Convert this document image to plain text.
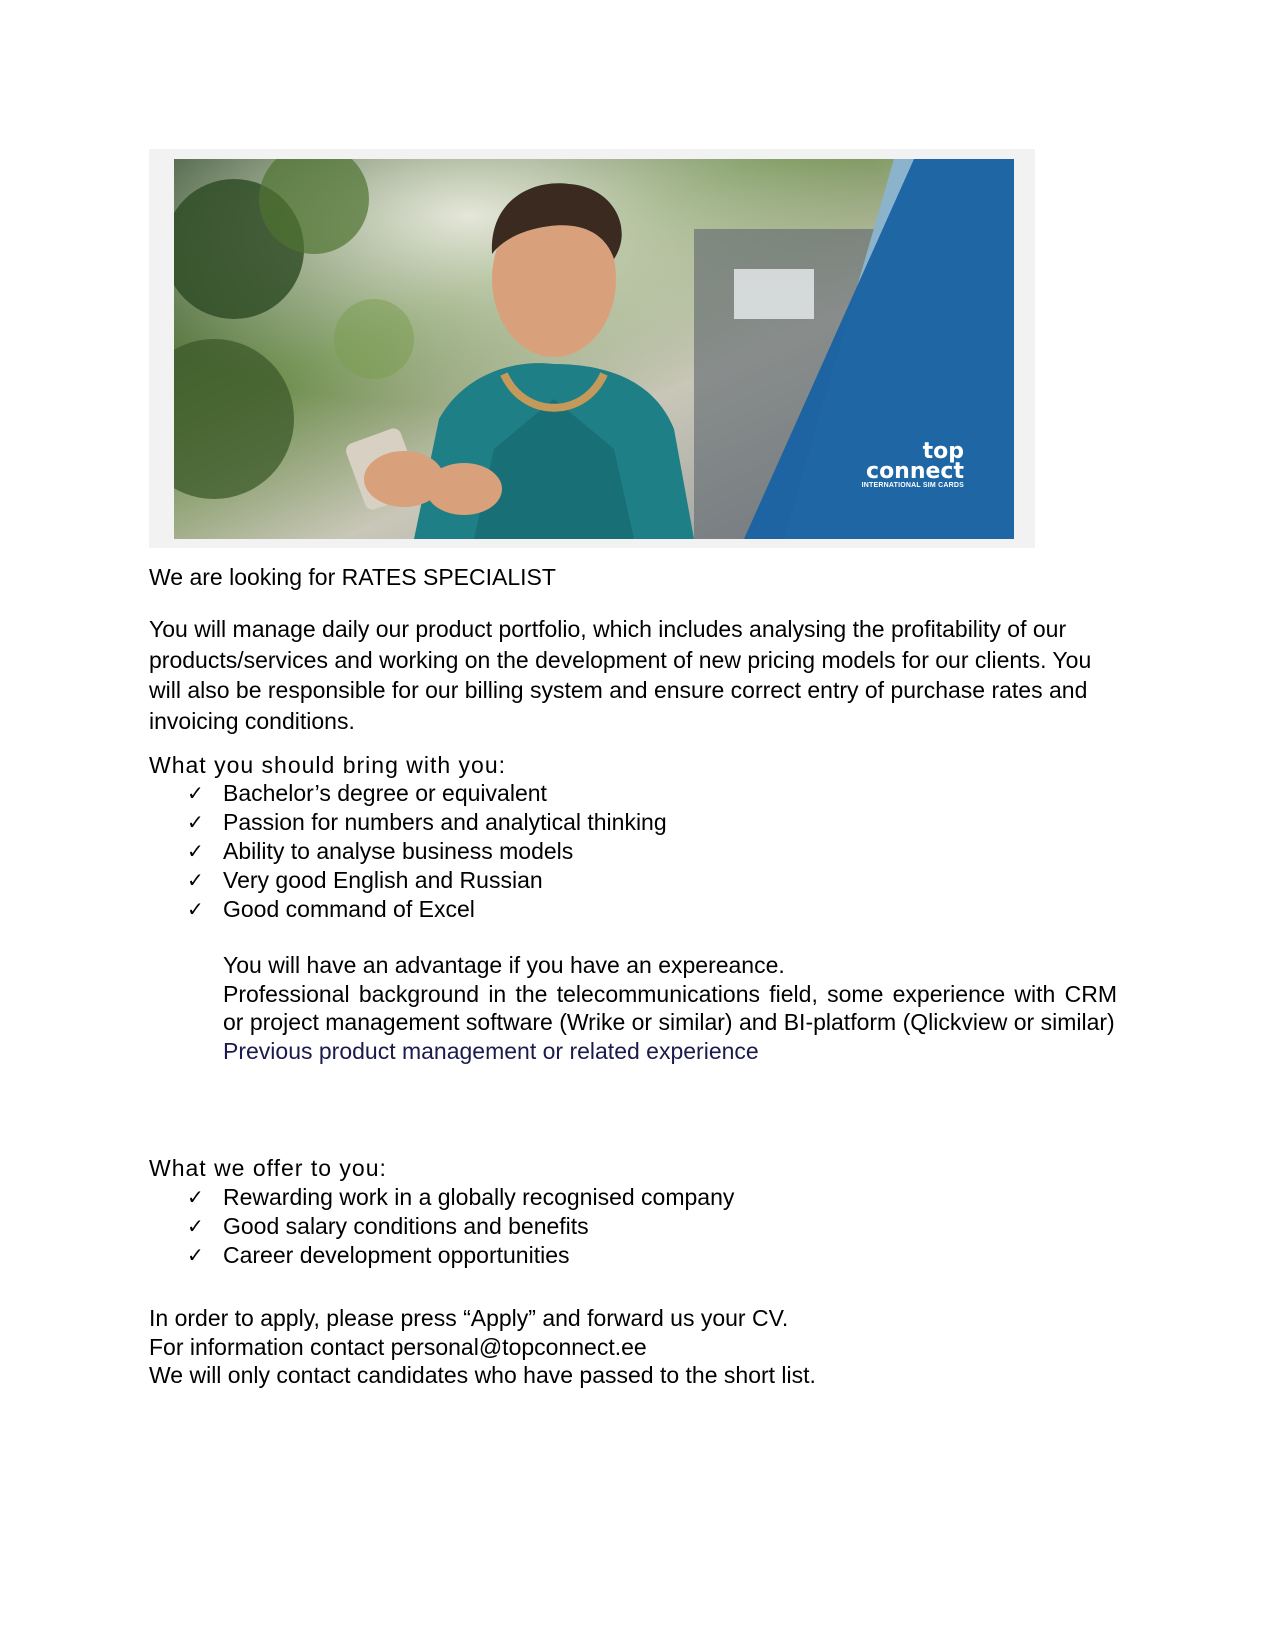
top
connect
INTERNATIONAL SIM CARDS
We are looking for RATES SPECIALIST
You will manage daily our product portfolio, which includes analysing the profitability of our products/services and working on the development of new pricing models for our clients. You will also be responsible for our billing system and ensure correct entry of purchase rates and invoicing conditions.
What you should bring with you:
✓ Bachelor’s degree or equivalent
✓ Passion for numbers and analytical thinking
✓ Ability to analyse business models
✓ Very good English and Russian
✓ Good command of Excel

You will have an advantage if you have an expereance.

Professional background in the telecommunications field, some experience with CRM or project management software (Wrike or similar) and BI-platform (Qlickview or similar)

Previous product management or related experience

What we offer to you:
✓ Rewarding work in a globally recognised company
✓ Good salary conditions and benefits
✓ Career development opportunities
In order to apply, please press “Apply” and forward us your CV.
For information contact personal@topconnect.ee
We will only contact candidates who have passed to the short list.
